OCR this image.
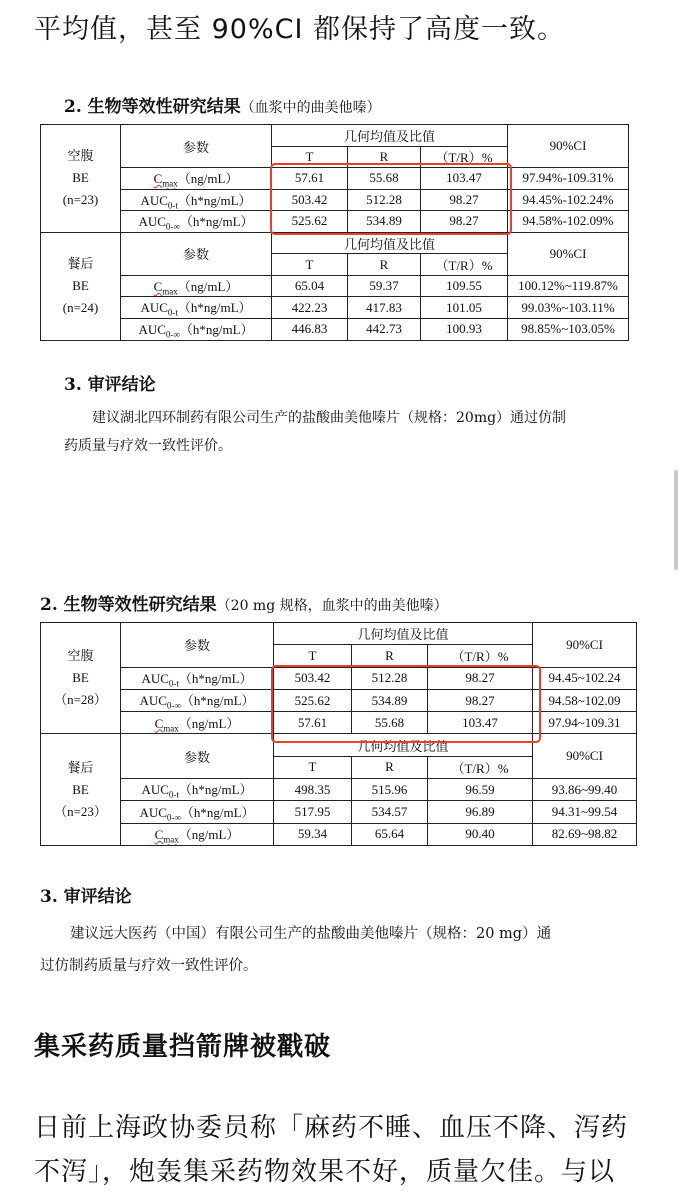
平均值，甚至 90%CI 都保持了高度一致。
2. 生物等效性研究结果（血浆中的曲美他嗪）
空腹
BE
(n=23)	参数	几何均值及比值			90%CI
		T	R	（T/R）%	
	$C_{max}(ng/mL)$	57.61	55.68	103.47	97.94%-109.31%
	$AUC_{0-t}(h*ng/mL)$	503.42	512.28	98.27	94.45%-102.24%
	$AUC_{0-\infty}(h*ng/mL)$	525.62	534.89	98.27	94.58%-102.09%

餐后
BE
(n=24)	参数	几何均值及比值			90%CI
		T	R	（T/R）%	
	$C_{max}(ng/mL)$	65.04	59.37	109.55	100.12%~119.87%
	$AUC_{0-t}(h*ng/mL)$	422.23	417.83	101.05	99.03%~103.11%
	$AUC_{0-\infty}(h*ng/mL)$	446.83	442.73	100.93	98.85%~103.05%
3. 审评结论

建议湖北四环制药有限公司生产的盐酸曲美他嗪片（规格：20mg）通过仿制

药质量与疗效一致性评价。

2. 生物等效性研究结果（20 mg 规格，血浆中的曲美他嗪）
空腹
BE
（n=28）	参数	几何均值及比值			90%CI
		T	R	（T/R）%	
	$AUC_{0-t}(h*ng/mL)$	503.42	512.28	98.27	94.45~102.24
	$AUC_{0-\infty}(h*ng/mL)$	525.62	534.89	98.27	94.58~102.09
	$C_{max}(ng/mL)$	57.61	55.68	103.47	97.94~109.31

餐后
BE
（n=23）	参数	几何均值及比值			90%CI
		T	R	（T/R）%	
	$AUC_{0-t}(h*ng/mL)$	498.35	515.96	96.59	93.86~99.40
	$AUC_{0-\infty}(h*ng/mL)$	517.95	534.57	96.89	94.31~99.54
	$C_{max}(ng/mL)$	59.34	65.64	90.40	82.69~98.82
3. 审评结论

建议远大医药（中国）有限公司生产的盐酸曲美他嗪片（规格：20 mg）通

过仿制药质量与疗效一致性评价。

集采药质量挡箭牌被戳破
日前上海政协委员称「麻药不睡、血压不降、泻药
不泻」，炮轰集采药物效果不好，质量欠佳。与以
